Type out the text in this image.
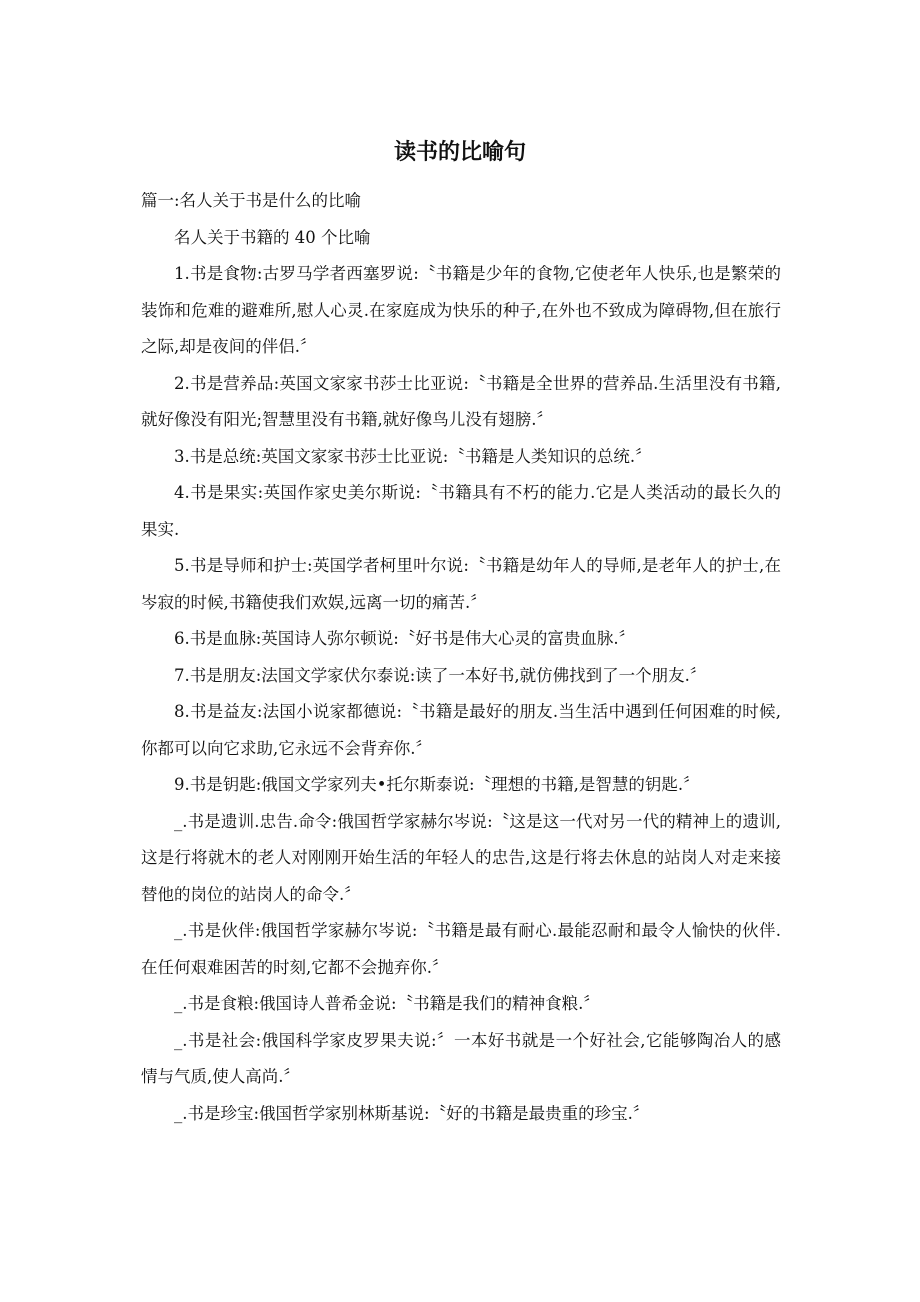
读书的比喻句

篇一:名人关于书是什么的比喻

名人关于书籍的 40 个比喻

1.书是食物:古罗马学者西塞罗说:〝书籍是少年的食物,它使老年人快乐,也是繁荣的装饰和危难的避难所,慰人心灵.在家庭成为快乐的种子,在外也不致成为障碍物,但在旅行之际,却是夜间的伴侣.〞

2.书是营养品:英国文家家书莎士比亚说:〝书籍是全世界的营养品.生活里没有书籍,就好像没有阳光;智慧里没有书籍,就好像鸟儿没有翅膀.〞

3.书是总统:英国文家家书莎士比亚说:〝书籍是人类知识的总统.〞

4.书是果实:英国作家史美尔斯说:〝书籍具有不朽的能力.它是人类活动的最长久的果实.

5.书是导师和护士:英国学者柯里叶尔说:〝书籍是幼年人的导师,是老年人的护士,在岑寂的时候,书籍使我们欢娱,远离一切的痛苦.〞

6.书是血脉:英国诗人弥尔顿说:〝好书是伟大心灵的富贵血脉.〞

7.书是朋友:法国文学家伏尔泰说:读了一本好书,就仿佛找到了一个朋友.〞

8.书是益友:法国小说家都德说:〝书籍是最好的朋友.当生活中遇到任何困难的时候,你都可以向它求助,它永远不会背弃你.〞

9.书是钥匙:俄国文学家列夫•托尔斯泰说:〝理想的书籍,是智慧的钥匙.〞

_.书是遗训.忠告.命令:俄国哲学家赫尔岑说:〝这是这一代对另一代的精神上的遗训,这是行将就木的老人对刚刚开始生活的年轻人的忠告,这是行将去休息的站岗人对走来接替他的岗位的站岗人的命令.〞

_.书是伙伴:俄国哲学家赫尔岑说:〝书籍是最有耐心.最能忍耐和最令人愉快的伙伴.在任何艰难困苦的时刻,它都不会抛弃你.〞

_.书是食粮:俄国诗人普希金说:〝书籍是我们的精神食粮.〞

_.书是社会:俄国科学家皮罗果夫说:〞一本好书就是一个好社会,它能够陶冶人的感情与气质,使人高尚.〞

_.书是珍宝:俄国哲学家别林斯基说:〝好的书籍是最贵重的珍宝.〞
